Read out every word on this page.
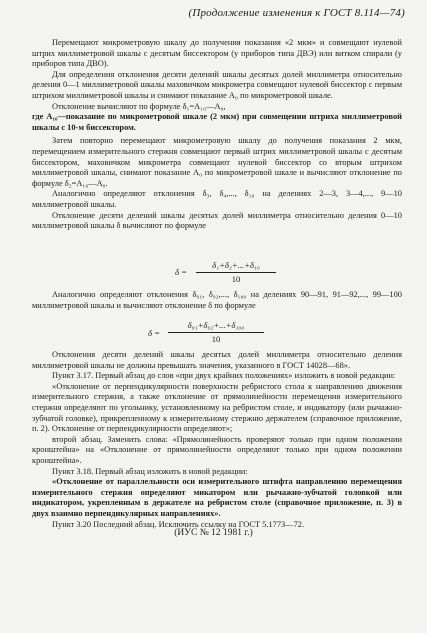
(Продолжение изменения к ГОСТ 8.114—74)

Перемещают микрометровую шкалу до получения показания «2 мкм» и совмещают нулевой штрих миллиметровой шкалы с десятым биссектором (у приборов типа ДВЭ) или витком спирали (у приборов типа ДВО).

Для определения отклонения десяти делений шкалы десятых долей миллиметра относительно деления 0—1 миллиметровой шкалы маховичком микрометра совмещают нулевой биссектор с первым штрихом миллиметровой шкалы и снимают показание A₀ по микрометровой шкале.

Отклонение вычисляют по формуле δ₁=A₁₀—A₀,

где A₁₀—показание по микрометровой шкале (2 мкм) при совмещении штриха миллиметровой шкалы с 10-м биссектором.

Затем повторно перемещают микрометровую шкалу до получения показания 2 мкм, перемещением измерительного стержня совмещают первый штрих миллиметровой шкалы с десятым биссектором, маховичком микрометра совмещают нулевой биссектор со вторым штрихом миллиметровой шкалы, снимают показание A₀ по микрометровой шкале и вычисляют отклонение по формуле δ₂=A₁₀—A₀.

Аналогично определяют отклонения δ₃, δ₄,..., δ₁₀ на делениях 2—3, 3—4,..., 9—10 миллиметровой шкалы.

Отклонение десяти делений шкалы десятых долей миллиметра относительно деления 0—10 миллиметровой шкалы δ вычисляют по формуле

δ =
δ₁+δ₂+...+δ₁₀
10

Аналогично определяют отклонения δ₉₁, δ₉₂,..., δ₁₀₀ на делениях 90—91, 91—92,..., 99—100 миллиметровой шкалы и вычисляют отклонение δ по формуле

δ =
δ₉₁+δ₉₂+...+δ₁₀₀
10

Отклонения десяти делений шкалы десятых долей миллиметра относительно деления миллиметровой шкалы не должны превышать значения, указанного в ГОСТ 14028—68».

Пункт 3.17. Первый абзац до слов «при двух крайних положениях» изложить в новой редакции:

«Отклонение от перпендикулярности поверхности ребристого стола к направлению движения измерительного стержня, а также отклонение от прямолинейности перемещения измерительного стержня определяют по угольнику, установленному на ребристом столе, и индикатору (или рычажно-зубчатой головке), прикрепленному к измерительному стержню держателем (справочное приложение, п. 2). Отклонение от перпендикулярности определяют»;

второй абзац. Заменить слова: «Прямолинейность проверяют только при одном положении кронштейна» на «Отклонение от прямолинейности определяют только при одном положении кронштейна».

Пункт 3.18. Первый абзац изложить в новой редакции:

«Отклонение от параллельности оси измерительного штифта направлению перемещения измерительного стержня определяют микатором или рычажно-зубчатой головкой или индикатором, укрепленным в держателе на ребристом столе (справочное приложение, п. 3) в двух взаимно перпендикулярных направлениях».

Пункт 3.20 Последний абзац. Исключить ссылку на ГОСТ 5.1773—72.

(ИУС № 12 1981 г.)
